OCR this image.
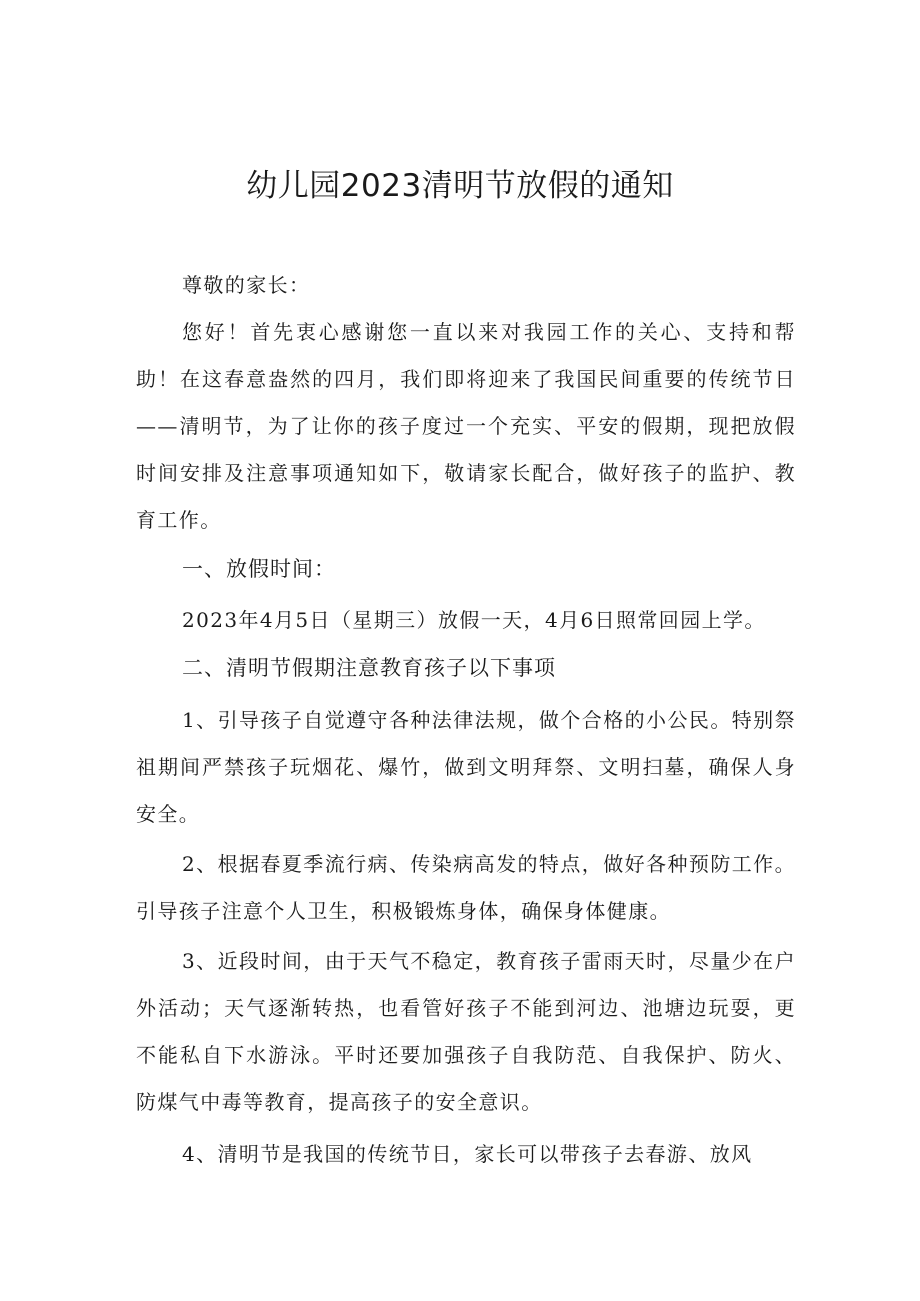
幼儿园2023清明节放假的通知

尊敬的家长：

您好！首先衷心感谢您一直以来对我园工作的关心、支持和帮助！在这春意盎然的四月，我们即将迎来了我国民间重要的传统节日——清明节，为了让你的孩子度过一个充实、平安的假期，现把放假时间安排及注意事项通知如下，敬请家长配合，做好孩子的监护、教育工作。

一、放假时间：

2023年4月5日（星期三）放假一天，4月6日照常回园上学。

二、清明节假期注意教育孩子以下事项

1、引导孩子自觉遵守各种法律法规，做个合格的小公民。特别祭祖期间严禁孩子玩烟花、爆竹，做到文明拜祭、文明扫墓，确保人身安全。

2、根据春夏季流行病、传染病高发的特点，做好各种预防工作。引导孩子注意个人卫生，积极锻炼身体，确保身体健康。

3、近段时间，由于天气不稳定，教育孩子雷雨天时，尽量少在户外活动；天气逐渐转热，也看管好孩子不能到河边、池塘边玩耍，更不能私自下水游泳。平时还要加强孩子自我防范、自我保护、防火、防煤气中毒等教育，提高孩子的安全意识。

4、清明节是我国的传统节日，家长可以带孩子去春游、放风
